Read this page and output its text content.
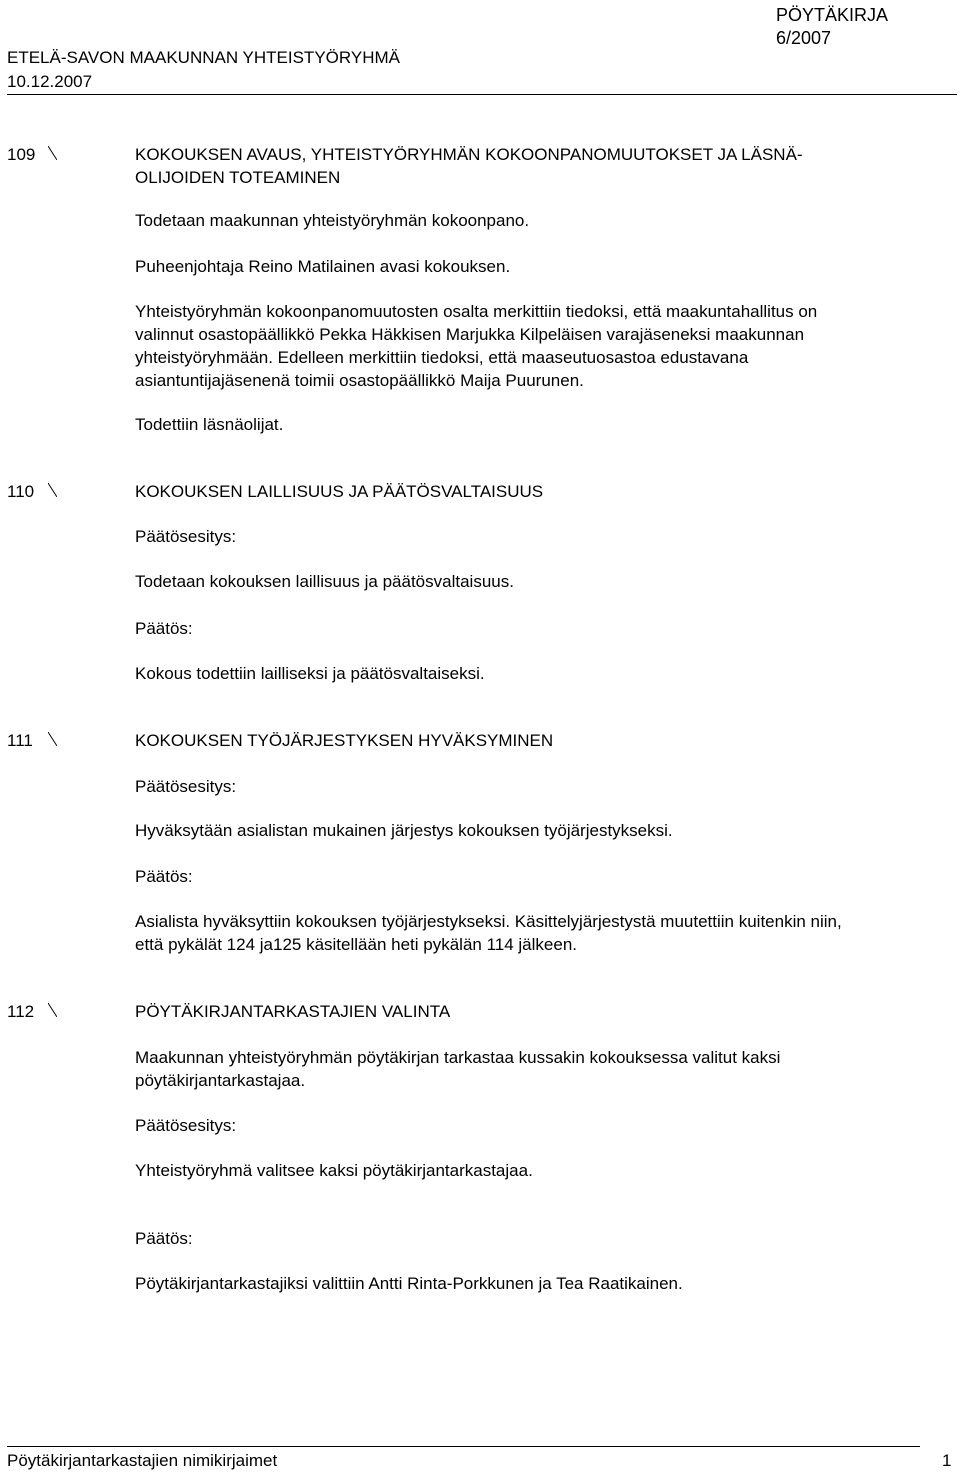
ETELÄ-SAVON MAAKUNNAN YHTEISTYÖRYHMÄ
10.12.2007
PÖYTÄKIRJA
6/2007
109	KOKOUKSEN AVAUS, YHTEISTYÖRYHMÄN KOKOONPANOMUUTOKSET JA LÄSNÄ-
OLIJOIDEN TOTEAMINEN
Todetaan maakunnan yhteistyöryhmän kokoonpano.
Puheenjohtaja Reino Matilainen avasi kokouksen.
Yhteistyöryhmän kokoonpanomuutosten osalta merkittiin tiedoksi, että maakuntahallitus on
valinnut osastopäällikkö Pekka Häkkisen Marjukka Kilpeläisen varajäseneksi maakunnan
yhteistyöryhmään. Edelleen merkittiin tiedoksi, että maaseutuosastoa edustavana
asiantuntijajäsenenä toimii osastopäällikkö Maija Puurunen.
Todettiin läsnäolijat.
110	KOKOUKSEN LAILLISUUS JA PÄÄTÖSVALTAISUUS
Päätösesitys:
Todetaan kokouksen laillisuus ja päätösvaltaisuus.
Päätös:
Kokous todettiin lailliseksi ja päätösvaltaiseksi.
111	KOKOUKSEN TYÖJÄRJESTYKSEN HYVÄKSYMINEN
Päätösesitys:
Hyväksytään asialistan mukainen järjestys kokouksen työjärjestykseksi.
Päätös:
Asialista hyväksyttiin kokouksen työjärjestykseksi. Käsittelyjärjestystä muutettiin kuitenkin niin,
että pykälät 124 ja125 käsitellään heti pykälän 114 jälkeen.
112	PÖYTÄKIRJANTARKASTAJIEN VALINTA
Maakunnan yhteistyöryhmän pöytäkirjan tarkastaa kussakin kokouksessa valitut kaksi
pöytäkirjantarkastajaa.
Päätösesitys:
Yhteistyöryhmä valitsee kaksi pöytäkirjantarkastajaa.
Päätös:
Pöytäkirjantarkastajiksi valittiin Antti Rinta-Porkkunen ja Tea Raatikainen.
Pöytäkirjantarkastajien nimikirjaimet	1
